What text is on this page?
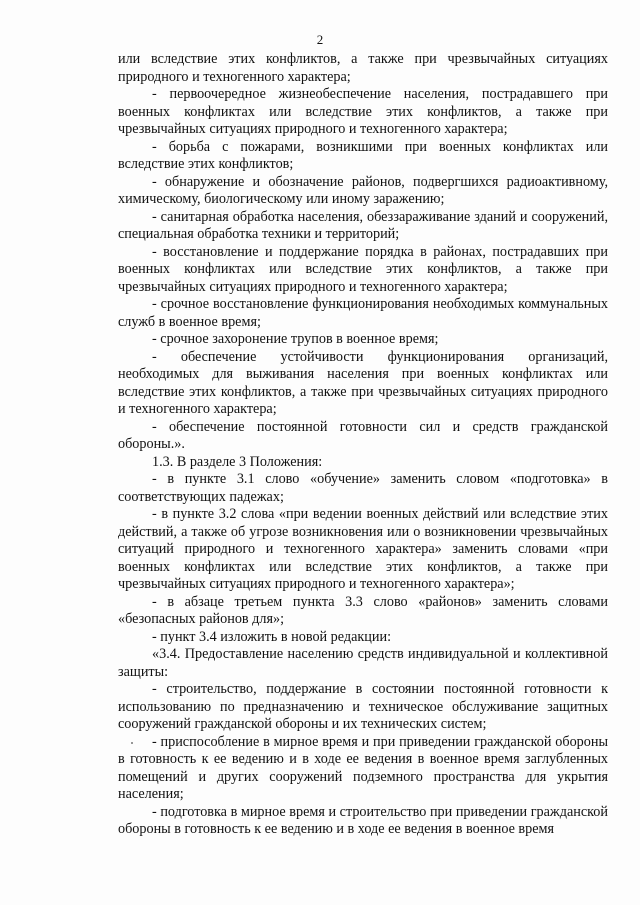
2

или вследствие этих конфликтов, а также при чрезвычайных ситуациях природного и техногенного характера;

- первоочередное жизнеобеспечение населения, пострадавшего при военных конфликтах или вследствие этих конфликтов, а также при чрезвычайных ситуациях природного и техногенного характера;

- борьба с пожарами, возникшими при военных конфликтах или вследствие этих конфликтов;

- обнаружение и обозначение районов, подвергшихся радиоактивному, химическому, биологическому или иному заражению;

- санитарная обработка населения, обеззараживание зданий и сооружений, специальная обработка техники и территорий;

- восстановление и поддержание порядка в районах, пострадавших при военных конфликтах или вследствие этих конфликтов, а также при чрезвычайных ситуациях природного и техногенного характера;

- срочное восстановление функционирования необходимых коммунальных служб в военное время;

- срочное захоронение трупов в военное время;

- обеспечение устойчивости функционирования организаций, необходимых для выживания населения при военных конфликтах или вследствие этих конфликтов, а также при чрезвычайных ситуациях природного и техногенного характера;

- обеспечение постоянной готовности сил и средств гражданской обороны.».

1.3. В разделе 3 Положения:

- в пункте 3.1 слово «обучение» заменить словом «подготовка» в соответствующих падежах;

- в пункте 3.2 слова «при ведении военных действий или вследствие этих действий, а также об угрозе возникновения или о возникновении чрезвычайных ситуаций природного и техногенного характера» заменить словами «при военных конфликтах или вследствие этих конфликтов, а также при чрезвычайных ситуациях природного и техногенного характера»;

- в абзаце третьем пункта 3.3 слово «районов» заменить словами «безопасных районов для»;

- пункт 3.4 изложить в новой редакции:

«3.4. Предоставление населению средств индивидуальной и коллективной защиты:

- строительство, поддержание в состоянии постоянной готовности к использованию по предназначению и техническое обслуживание защитных сооружений гражданской обороны и их технических систем;

- приспособление в мирное время и при приведении гражданской обороны в готовность к ее ведению и в ходе ее ведения в военное время заглубленных помещений и других сооружений подземного пространства для укрытия населения;

- подготовка в мирное время и строительство при приведении гражданской обороны в готовность к ее ведению и в ходе ее ведения в военное время
